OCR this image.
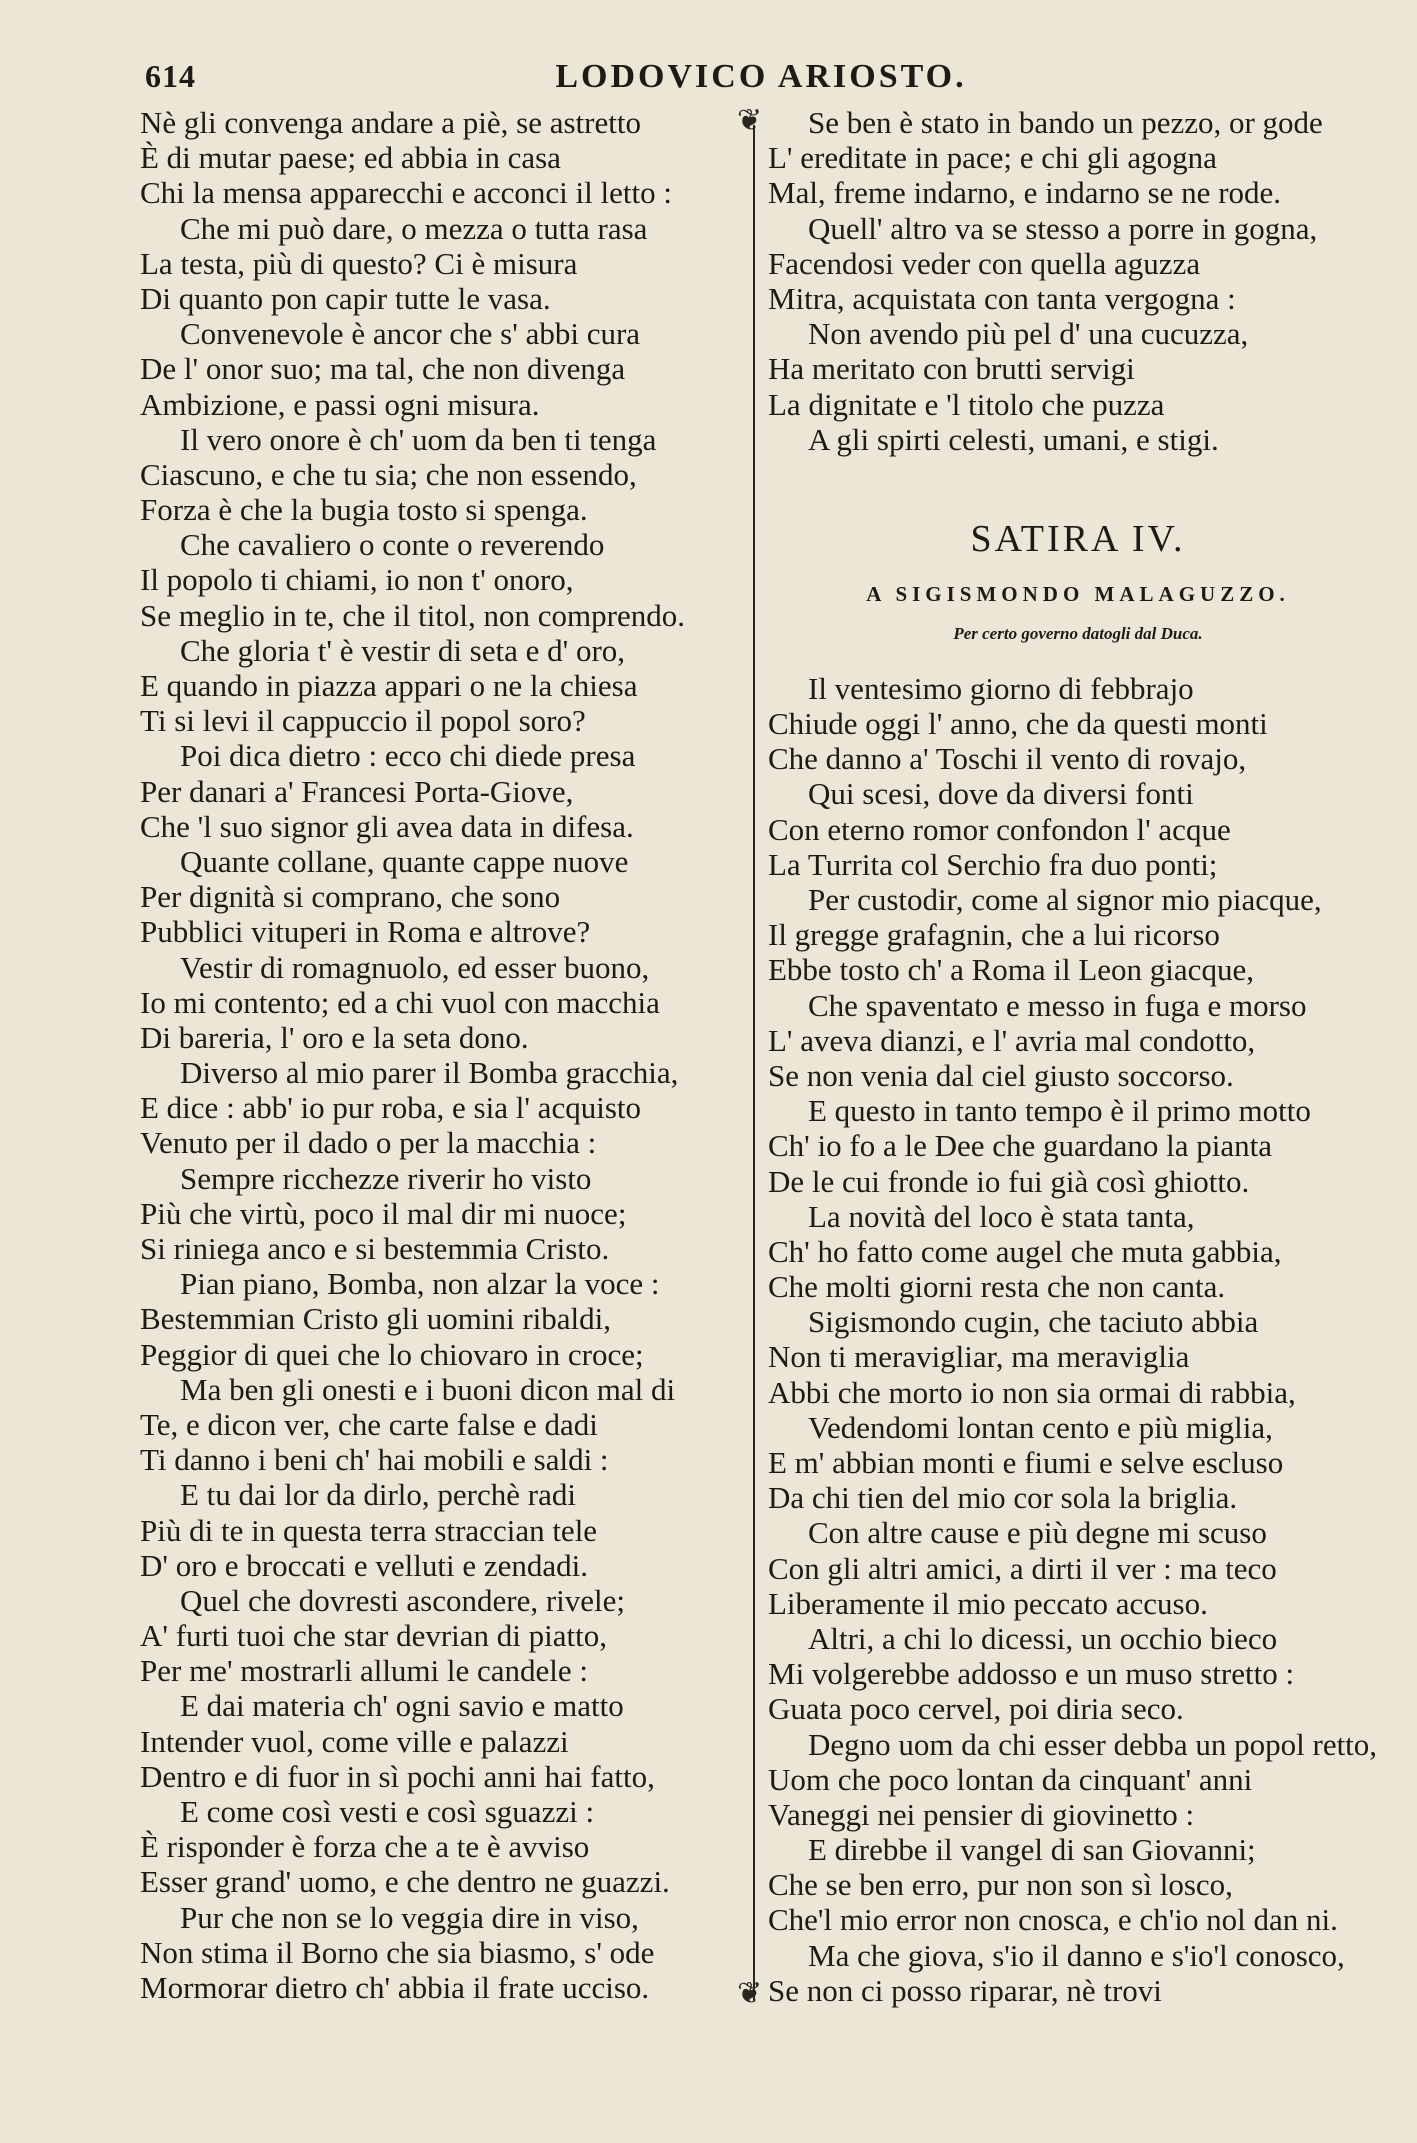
614	LODOVICO ARIOSTO.
❦
❦
Nè gli convenga andare a piè, se astretto
È di mutar paese; ed abbia in casa
Chi la mensa apparecchi e acconci il letto :
Che mi può dare, o mezza o tutta rasa
La testa, più di questo? Ci è misura
Di quanto pon capir tutte le vasa.
Convenevole è ancor che s' abbi cura
De l' onor suo; ma tal, che non divenga
Ambizione, e passi ogni misura.
Il vero onore è ch' uom da ben ti tenga
Ciascuno, e che tu sia; che non essendo,
Forza è che la bugia tosto si spenga.
Che cavaliero o conte o reverendo
Il popolo ti chiami, io non t' onoro,
Se meglio in te, che il titol, non comprendo.
Che gloria t' è vestir di seta e d' oro,
E quando in piazza appari o ne la chiesa
Ti si levi il cappuccio il popol soro?
Poi dica dietro : ecco chi diede presa
Per danari a' Francesi Porta-Giove,
Che 'l suo signor gli avea data in difesa.
Quante collane, quante cappe nuove
Per dignità si comprano, che sono
Pubblici vituperi in Roma e altrove?
Vestir di romagnuolo, ed esser buono,
Io mi contento; ed a chi vuol con macchia
Di bareria, l' oro e la seta dono.
Diverso al mio parer il Bomba gracchia,
E dice : abb' io pur roba, e sia l' acquisto
Venuto per il dado o per la macchia :
Sempre ricchezze riverir ho visto
Più che virtù, poco il mal dir mi nuoce;
Si riniega anco e si bestemmia Cristo.
Pian piano, Bomba, non alzar la voce :
Bestemmian Cristo gli uomini ribaldi,
Peggior di quei che lo chiovaro in croce;
Ma ben gli onesti e i buoni dicon mal di
Te, e dicon ver, che carte false e dadi
Ti danno i beni ch' hai mobili e saldi :
E tu dai lor da dirlo, perchè radi
Più di te in questa terra straccian tele
D' oro e broccati e velluti e zendadi.
Quel che dovresti ascondere, rivele;
A' furti tuoi che star devrian di piatto,
Per me' mostrarli allumi le candele :
E dai materia ch' ogni savio e matto
Intender vuol, come ville e palazzi
Dentro e di fuor in sì pochi anni hai fatto,
E come così vesti e così sguazzi :
È risponder è forza che a te è avviso
Esser grand' uomo, e che dentro ne guazzi.
Pur che non se lo veggia dire in viso,
Non stima il Borno che sia biasmo, s' ode
Mormorar dietro ch' abbia il frate ucciso.
Se ben è stato in bando un pezzo, or gode
L' ereditate in pace; e chi gli agogna
Mal, freme indarno, e indarno se ne rode.
Quell' altro va se stesso a porre in gogna,
Facendosi veder con quella aguzza
Mitra, acquistata con tanta vergogna :
Non avendo più pel d' una cucuzza,
Ha meritato con brutti servigi
La dignitate e 'l titolo che puzza
A gli spirti celesti, umani, e stigi.
SATIRA IV.
A SIGISMONDO MALAGUZZO.
Per certo governo datogli dal Duca.
Il ventesimo giorno di febbrajo
Chiude oggi l' anno, che da questi monti
Che danno a' Toschi il vento di rovajo,
Qui scesi, dove da diversi fonti
Con eterno romor confondon l' acque
La Turrita col Serchio fra duo ponti;
Per custodir, come al signor mio piacque,
Il gregge grafagnin, che a lui ricorso
Ebbe tosto ch' a Roma il Leon giacque,
Che spaventato e messo in fuga e morso
L' aveva dianzi, e l' avria mal condotto,
Se non venia dal ciel giusto soccorso.
E questo in tanto tempo è il primo motto
Ch' io fo a le Dee che guardano la pianta
De le cui fronde io fui già così ghiotto.
La novità del loco è stata tanta,
Ch' ho fatto come augel che muta gabbia,
Che molti giorni resta che non canta.
Sigismondo cugin, che taciuto abbia
Non ti meravigliar, ma meraviglia
Abbi che morto io non sia ormai di rabbia,
Vedendomi lontan cento e più miglia,
E m' abbian monti e fiumi e selve escluso
Da chi tien del mio cor sola la briglia.
Con altre cause e più degne mi scuso
Con gli altri amici, a dirti il ver : ma teco
Liberamente il mio peccato accuso.
Altri, a chi lo dicessi, un occhio bieco
Mi volgerebbe addosso e un muso stretto :
Guata poco cervel, poi diria seco.
Degno uom da chi esser debba un popol retto,
Uom che poco lontan da cinquant' anni
Vaneggi nei pensier di giovinetto :
E direbbe il vangel di san Giovanni;
Che se ben erro, pur non son sì losco,
Che'l mio error non cnosca, e ch'io nol dan ni.
Ma che giova, s'io il danno e s'io'l conosco,
Se non ci posso riparar, nè trovi
